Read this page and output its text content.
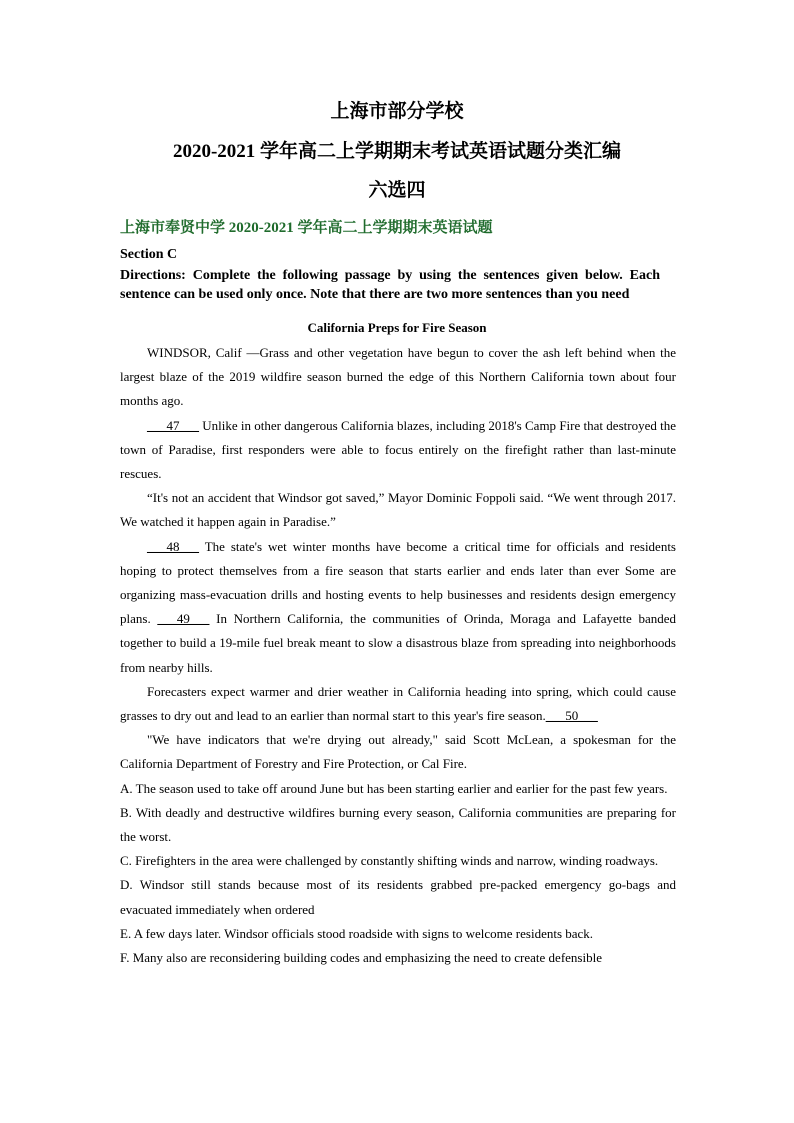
上海市部分学校
2020-2021 学年高二上学期期末考试英语试题分类汇编
六选四
上海市奉贤中学 2020-2021 学年高二上学期期末英语试题
Section C
Directions: Complete the following passage by using the sentences given below. Each sentence can be used only once. Note that there are two more sentences than you need
California Preps for Fire Season

WINDSOR, Calif —Grass and other vegetation have begun to cover the ash left behind when the largest blaze of the 2019 wildfire season burned the edge of this Northern California town about four months ago.

___47___ Unlike in other dangerous California blazes, including 2018's Camp Fire that destroyed the town of Paradise, first responders were able to focus entirely on the firefight rather than last-minute rescues.

“It's not an accident that Windsor got saved,” Mayor Dominic Foppoli said. “We went through 2017. We watched it happen again in Paradise.”

___48___ The state's wet winter months have become a critical time for officials and residents hoping to protect themselves from a fire season that starts earlier and ends later than ever Some are organizing mass-evacuation drills and hosting events to help businesses and residents design emergency plans. ___49___ In Northern California, the communities of Orinda, Moraga and Lafayette banded together to build a 19-mile fuel break meant to slow a disastrous blaze from spreading into neighborhoods from nearby hills.

Forecasters expect warmer and drier weather in California heading into spring, which could cause grasses to dry out and lead to an earlier than normal start to this year's fire season.___50___

"We have indicators that we're drying out already," said Scott McLean, a spokesman for the California Department of Forestry and Fire Protection, or Cal Fire.

A. The season used to take off around June but has been starting earlier and earlier for the past few years.

B. With deadly and destructive wildfires burning every season, California communities are preparing for the worst.

C. Firefighters in the area were challenged by constantly shifting winds and narrow, winding roadways.

D. Windsor still stands because most of its residents grabbed pre-packed emergency go-bags and evacuated immediately when ordered

E. A few days later. Windsor officials stood roadside with signs to welcome residents back.

F. Many also are reconsidering building codes and emphasizing the need to create defensible
